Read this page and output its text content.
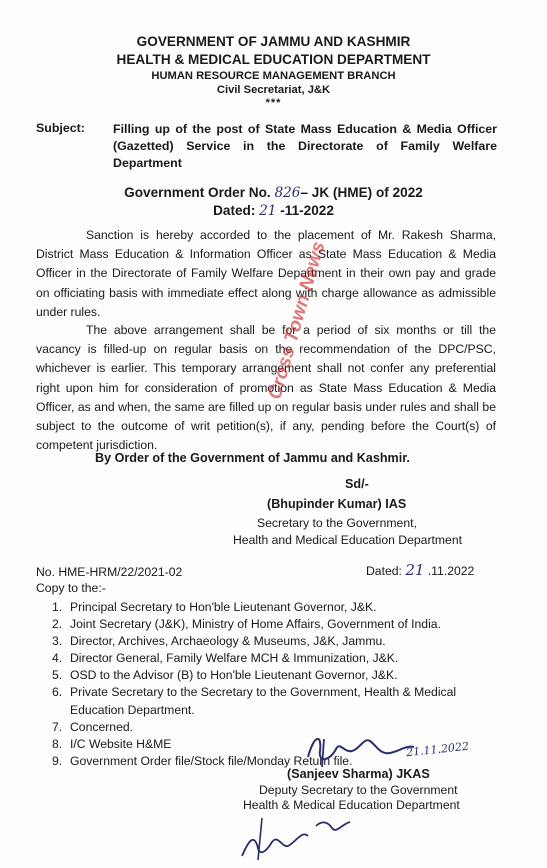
GOVERNMENT OF JAMMU AND KASHMIR
HEALTH & MEDICAL EDUCATION DEPARTMENT
HUMAN RESOURCE MANAGEMENT BRANCH
Civil Secretariat, J&K
***
Subject: Filling up of the post of State Mass Education & Media Officer (Gazetted) Service in the Directorate of Family Welfare Department
Government Order No. 826– JK (HME) of 2022
Dated: 21 -11-2022

Sanction is hereby accorded to the placement of Mr. Rakesh Sharma, District Mass Education & Information Officer as State Mass Education & Media Officer in the Directorate of Family Welfare Department in their own pay and grade on officiating basis with immediate effect along with charge allowance as admissible under rules.

The above arrangement shall be for a period of six months or till the vacancy is filled-up on regular basis on the recommendation of the DPC/PSC, whichever is earlier. This temporary arrangement shall not confer any preferential right upon him for consideration of promotion as State Mass Education & Media Officer, as and when, the same are filled up on regular basis under rules and shall be subject to the outcome of writ petition(s), if any, pending before the Court(s) of competent jurisdiction.

Cross Town News
By Order of the Government of Jammu and Kashmir.
Sd/-
(Bhupinder Kumar) IAS
Secretary to the Government,
Health and Medical Education Department
No. HME-HRM/22/2021-02	Dated: 21 .11.2022
Copy to the:-
1. Principal Secretary to Hon'ble Lieutenant Governor, J&K.
2. Joint Secretary (J&K), Ministry of Home Affairs, Government of India.
3. Director, Archives, Archaeology & Museums, J&K, Jammu.
4. Director General, Family Welfare MCH & Immunization, J&K.
5. OSD to the Advisor (B) to Hon'ble Lieutenant Governor, J&K.
6. Private Secretary to the Secretary to the Government, Health & Medical Education Department.
7. Concerned.
8. I/C Website H&ME
9. Government Order file/Stock file/Monday Return file.
21.11.2022
(Sanjeev Sharma) JKAS
Deputy Secretary to the Government
Health & Medical Education Department
